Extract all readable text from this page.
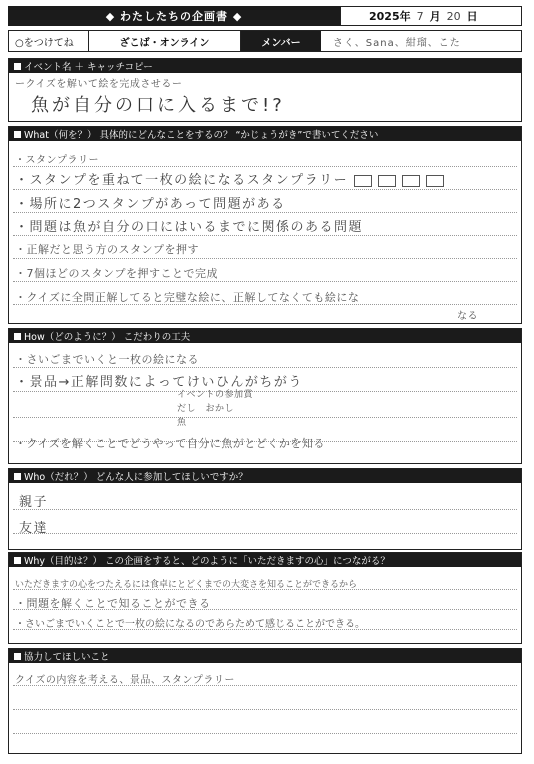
◆ わたしたちの企画書 ◆	2025年 7 月 20 日
○をつけてね	ざこば・オンライン	メンバー	さく、Sana、紺瑠、こた
イベント名 ＋ キャッチコピー
ークイズを解いて絵を完成させるー
魚が自分の口に入るまで!?
What（何を？） 具体的にどんなことをするの？ “かじょうがき”で書いてください
・スタンプラリー
・スタンプを重ねて一枚の絵になるスタンプラリー
・場所に2つスタンプがあって問題がある
・問題は魚が自分の口にはいるまでに関係のある問題
・正解だと思う方のスタンプを押す
・7個ほどのスタンプを押すことで完成
・クイズに全問正解してると完璧な絵に、正解してなくても絵にな
なる
How（どのように？） こだわりの工夫
・さいごまでいくと一枚の絵になる
・景品→正解問数によってけいひんがちがう
イベントの参加賞
だし　おかし
魚
・クイズを解くことでどうやって自分に魚がとどくかを知る
Who（だれ？） どんな人に参加してほしいですか？
親子
友達
Why（目的は？） この企画をすると、どのように「いただきますの心」につながる？
いただきますの心をつたえるには食卓にとどくまでの大変さを知ることができるから
・問題を解くことで知ることができる
・さいごまでいくことで一枚の絵になるのであらためて感じることができる。
協力してほしいこと
クイズの内容を考える、景品、スタンプラリー
